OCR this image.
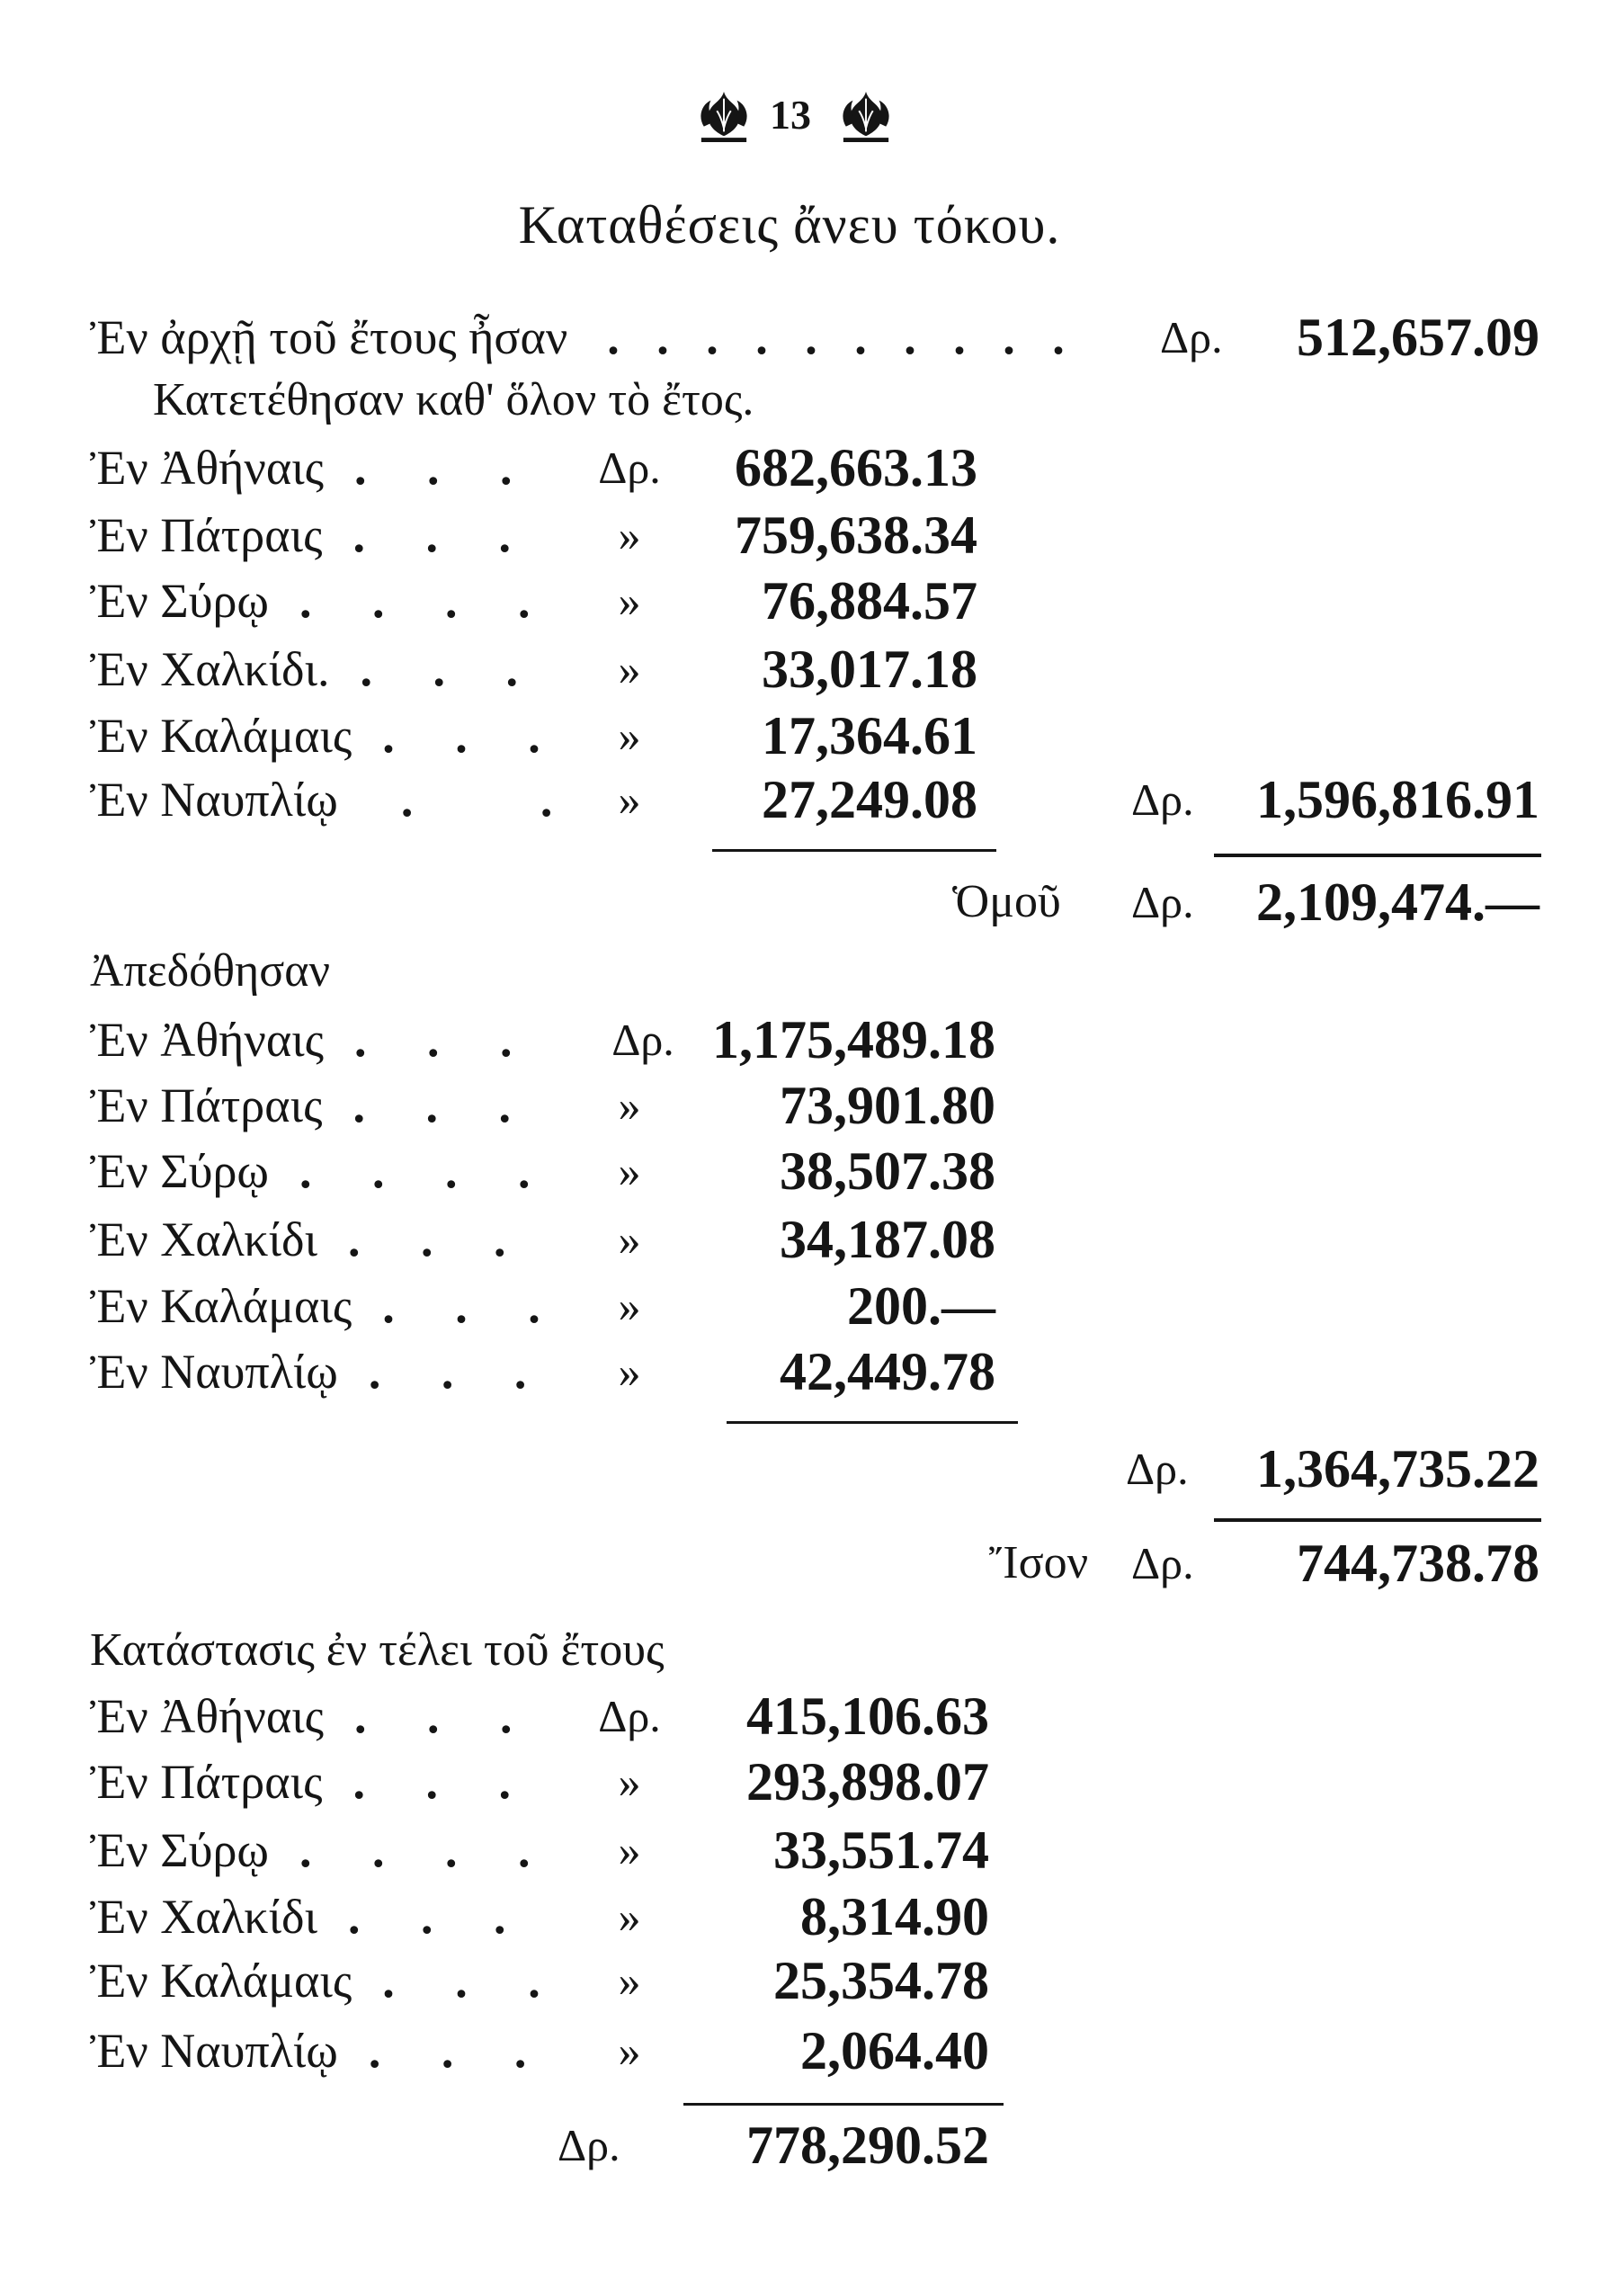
13
Καταθέσεις ἄνευ τόκου.
Ἐν ἀρχῇ τοῦ ἔτους ἦσαν . . . . . . . . . . Δρ. 512,657.09
Κατετέθησαν καθ' ὅλον τὸ ἔτος.
Ἐν Ἀθήναις . . .	Δρ.	682,663.13
Ἐν Πάτραις . . .	»	759,638.34
Ἐν Σύρῳ . . . .	»	76,884.57
Ἐν Χαλκίδι. . . .	»	33,017.18
Ἐν Καλάμαις . . .	»	17,364.61
Ἐν Ναυπλίῳ . .	»	27,249.08	Δρ. 1,596,816.91
Ὁμοῦ Δρ. 2,109,474.—
Ἀπεδόθησαν
Ἐν Ἀθήναις . . .	Δρ. 1,175,489.18
Ἐν Πάτραις . . .	»	73,901.80
Ἐν Σύρῳ . . . .	»	38,507.38
Ἐν Χαλκίδι . . .	»	34,187.08
Ἐν Καλάμαις . . .	»	200.—
Ἐν Ναυπλίῳ . . .	»	42,449.78
Δρ. 1,364,735.22
Ἴσον Δρ. 744,738.78
Κατάστασις ἐν τέλει τοῦ ἔτους
Ἐν Ἀθήναις . . .	Δρ.	415,106.63
Ἐν Πάτραις . . .	»	293,898.07
Ἐν Σύρῳ . . . .	»	33,551.74
Ἐν Χαλκίδι . . .	»	8,314.90
Ἐν Καλάμαις . . .	»	25,354.78
Ἐν Ναυπλίῳ . . .	»	2,064.40
Δρ. 778,290.52
